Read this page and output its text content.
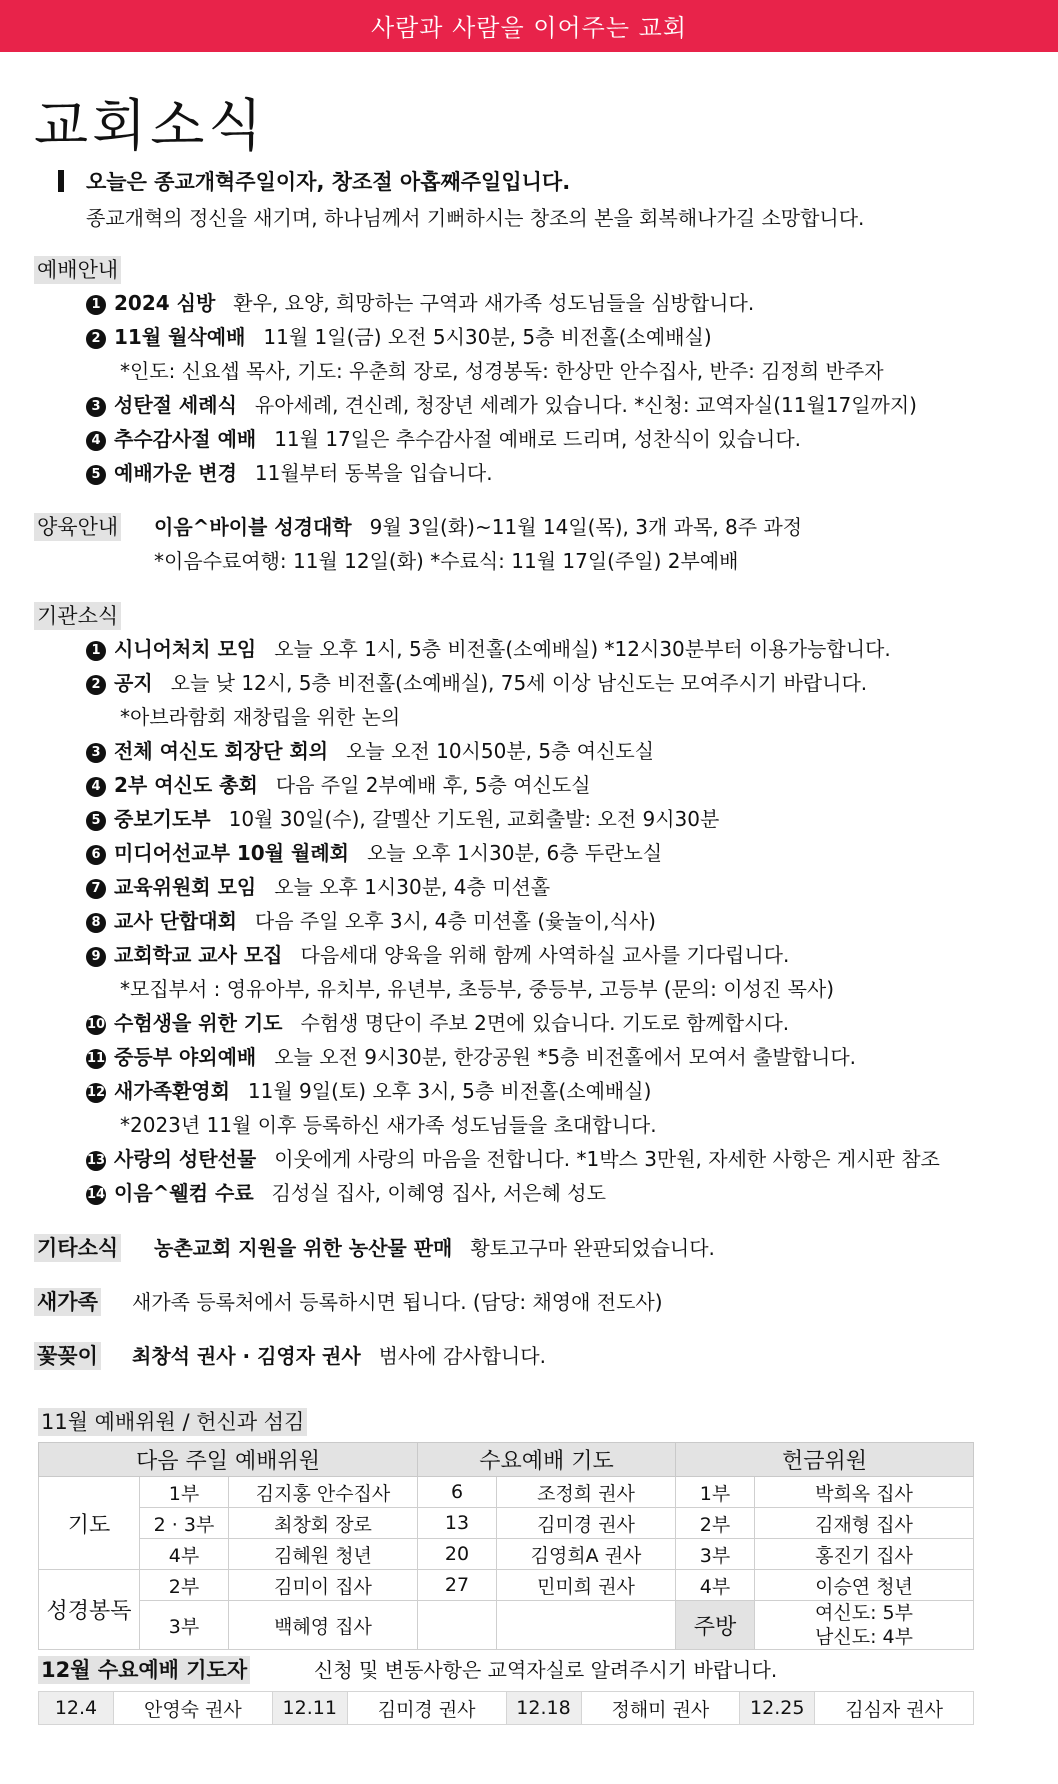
사람과 사람을 이어주는 교회
교회소식
오늘은 종교개혁주일이자, 창조절 아홉째주일입니다.
종교개혁의 정신을 새기며, 하나님께서 기뻐하시는 창조의 본을 회복해나가길 소망합니다.
예배안내
1 2024 심방 환우, 요양, 희망하는 구역과 새가족 성도님들을 심방합니다.
2 11월 월삭예배 11월 1일(금) 오전 5시30분, 5층 비전홀(소예배실)
*인도: 신요셉 목사, 기도: 우춘희 장로, 성경봉독: 한상만 안수집사, 반주: 김정희 반주자
3 성탄절 세례식 유아세례, 견신례, 청장년 세례가 있습니다. *신청: 교역자실(11월17일까지)
4 추수감사절 예배 11월 17일은 추수감사절 예배로 드리며, 성찬식이 있습니다.
5 예배가운 변경 11월부터 동복을 입습니다.
양육안내 이음^바이블 성경대학 9월 3일(화)~11월 14일(목), 3개 과목, 8주 과정
*이음수료여행: 11월 12일(화) *수료식: 11월 17일(주일) 2부예배
기관소식
1 시니어처치 모임 오늘 오후 1시, 5층 비전홀(소예배실) *12시30분부터 이용가능합니다.
2 공지 오늘 낮 12시, 5층 비전홀(소예배실), 75세 이상 남신도는 모여주시기 바랍니다.
*아브라함회 재창립을 위한 논의
3 전체 여신도 회장단 회의 오늘 오전 10시50분, 5층 여신도실
4 2부 여신도 총회 다음 주일 2부예배 후, 5층 여신도실
5 중보기도부 10월 30일(수), 갈멜산 기도원, 교회출발: 오전 9시30분
6 미디어선교부 10월 월례회 오늘 오후 1시30분, 6층 두란노실
7 교육위원회 모임 오늘 오후 1시30분, 4층 미션홀
8 교사 단합대회 다음 주일 오후 3시, 4층 미션홀 (윷놀이,식사)
9 교회학교 교사 모집 다음세대 양육을 위해 함께 사역하실 교사를 기다립니다.
*모집부서 : 영유아부, 유치부, 유년부, 초등부, 중등부, 고등부 (문의: 이성진 목사)
10 수험생을 위한 기도 수험생 명단이 주보 2면에 있습니다. 기도로 함께합시다.
11 중등부 야외예배 오늘 오전 9시30분, 한강공원 *5층 비전홀에서 모여서 출발합니다.
12 새가족환영회 11월 9일(토) 오후 3시, 5층 비전홀(소예배실)
*2023년 11월 이후 등록하신 새가족 성도님들을 초대합니다.
13 사랑의 성탄선물 이웃에게 사랑의 마음을 전합니다. *1박스 3만원, 자세한 사항은 게시판 참조
14 이음^웰컴 수료 김성실 집사, 이혜영 집사, 서은혜 성도
기타소식 농촌교회 지원을 위한 농산물 판매 황토고구마 완판되었습니다.
새가족 새가족 등록처에서 등록하시면 됩니다. (담당: 채영애 전도사)
꽃꽂이 최창석 권사 · 김영자 권사 범사에 감사합니다.
11월 예배위원 / 헌신과 섬김
다음 주일 예배위원			수요예배 기도		헌금위원	
기도	1부	김지홍 안수집사	6	조정희 권사	1부	박희옥 집사
	2 · 3부	최창회 장로	13	김미경 권사	2부	김재형 집사
	4부	김혜원 청년	20	김영희A 권사	3부	홍진기 집사
성경봉독	2부	김미이 집사	27	민미희 권사	4부	이승연 청년
	3부	백혜영 집사			주방	여신도: 5부
남신도: 4부
12월 수요예배 기도자	신청 및 변동사항은 교역자실로 알려주시기 바랍니다.
12.4	안영숙 권사	12.11	김미경 권사	12.18	정해미 권사	12.25	김심자 권사
